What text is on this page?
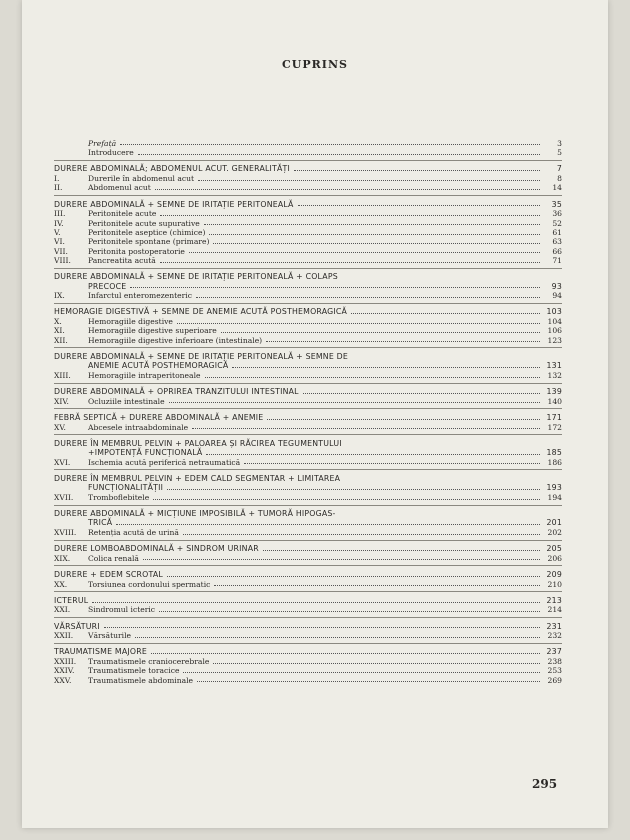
CUPRINS
Prefață	3
Introducere	5
DURERE ABDOMINALĂ; ABDOMENUL ACUT. GENERALITĂȚI	7
I.	Durerile în abdomenul acut	8
II.	Abdomenul acut	14
DURERE ABDOMINALĂ + SEMNE DE IRITAȚIE PERITONEALĂ	35
III.	Peritonitele acute	36
IV.	Peritonitele acute supurative	52
V.	Peritonitele aseptice (chimice)	61
VI.	Peritonitele spontane (primare)	63
VII.	Peritonita postoperatorie	66
VIII.	Pancreatita acută	71
DURERE ABDOMINALĂ + SEMNE DE IRITAȚIE PERITONEALĂ + COLAPS
PRECOCE	93
IX.	Infarctul enteromezenteric	94
HEMORAGIE DIGESTIVĂ + SEMNE DE ANEMIE ACUTĂ POSTHEMORAGICĂ	103
X.	Hemoragiile digestive	104
XI.	Hemoragiile digestive superioare	106
XII.	Hemoragiile digestive inferioare (intestinale)	123
DURERE ABDOMINALĂ + SEMNE DE IRITAȚIE PERITONEALĂ + SEMNE DE
ANEMIE ACUTĂ POSTHEMORAGICĂ	131
XIII.	Hemoragiile intraperitoneale	132
DURERE ABDOMINALĂ + OPRIREA TRANZITULUI INTESTINAL	139
XIV.	Ocluziile intestinale	140
FEBRĂ SEPTICĂ + DURERE ABDOMINALĂ + ANEMIE	171
XV.	Abcesele intraabdominale	172
DURERE ÎN MEMBRUL PELVIN + PALOAREA ȘI RĂCIREA TEGUMENTULUI
+IMPOTENȚĂ FUNCȚIONALĂ	185
XVI.	Ischemia acută periferică netraumatică	186
DURERE ÎN MEMBRUL PELVIN + EDEM CALD SEGMENTAR + LIMITAREA
FUNCȚIONALITĂȚII	193
XVII.	Tromboflebitele	194
DURERE ABDOMINALĂ + MICȚIUNE IMPOSIBILĂ + TUMORĂ HIPOGAS-
TRICĂ	201
XVIII.	Retenția acută de urină	202
DURERE LOMBOABDOMINALĂ + SINDROM URINAR	205
XIX.	Colica renală	206
DURERE + EDEM SCROTAL	209
XX.	Torsiunea cordonului spermatic	210
ICTERUL	213
XXI.	Sindromul icteric	214
VĂRSĂTURI	231
XXII.	Vărsăturile	232
TRAUMATISME MAJORE	237
XXIII.	Traumatismele craniocerebrale	238
XXIV.	Traumatismele toracice	253
XXV.	Traumatismele abdominale	269
295
